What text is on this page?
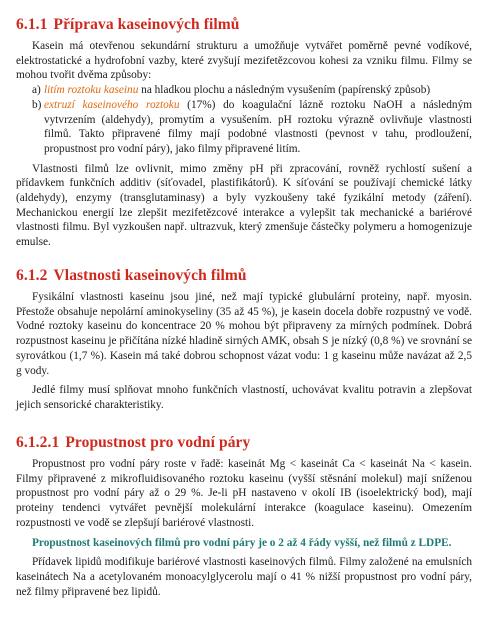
6.1.1 Příprava kaseinových filmů

Kasein má otevřenou sekundární strukturu a umožňuje vytvářet poměrně pevné vodíkové, elektrostatické a hydrofobní vazby, které zvyšují mezifetězcovou kohesi za vzniku filmu. Filmy se mohou tvořit dvěma způsoby:

a) litím roztoku kaseinu na hladkou plochu a následným vysušením (papírenský způsob)
b) extruzí kaseinového roztoku (17%) do koagulační lázně roztoku NaOH a následným vytvrzením (aldehydy), promytím a vysušením. pH roztoku výrazně ovlivňuje vlastnosti filmů. Takto připravené filmy mají podobné vlastnosti (pevnost v tahu, prodloužení, propustnost pro vodní páry), jako filmy připravené litím.

Vlastnosti filmů lze ovlivnit, mimo změny pH při zpracování, rovněž rychlostí sušení a přídavkem funkčních additiv (síťovadel, plastifikátorů). K síťování se používají chemické látky (aldehydy), enzymy (transglutaminasy) a byly vyzkoušeny také fyzikální metody (záření). Mechanickou energií lze zlepšit mezifetězcové interakce a vylepšit tak mechanické a bariérové vlastnosti filmu. Byl vyzkoušen např. ultrazvuk, který zmenšuje částečky polymeru a homogenizuje emulse.

6.1.2 Vlastnosti kaseinových filmů

Fysikální vlastnosti kaseinu jsou jiné, než mají typické glubulární proteiny, např. myosin. Přestože obsahuje nepolární aminokyseliny (35 až 45 %), je kasein docela dobře rozpustný ve vodě. Vodné roztoky kaseinu do koncentrace 20 % mohou být připraveny za mírných podmínek. Dobrá rozpustnost kaseinu je přičítána nízké hladině sirných AMK, obsah S je nízký (0,8 %) ve srovnání se syrovátkou (1,7 %). Kasein má také dobrou schopnost vázat vodu: 1 g kaseinu může navázat až 2,5 g vody.

Jedlé filmy musí splňovat mnoho funkčních vlastností, uchovávat kvalitu potravin a zlepšovat jejich sensorické charakteristiky.

6.1.2.1 Propustnost pro vodní páry

Propustnost pro vodní páry roste v řadě: kaseinát Mg < kaseinát Ca < kaseinát Na < kasein. Filmy připravené z mikrofluidisovaného roztoku kaseinu (vyšší stěsnání molekul) mají sníženou propustnost pro vodní páry až o 29 %. Je-li pH nastaveno v okolí IB (isoelektrický bod), mají proteiny tendenci vytvářet pevnější molekulární interakce (koagulace kaseinu). Omezením rozpustnosti ve vodě se zlepšují bariérové vlastnosti.

Propustnost kaseinových filmů pro vodní páry je o 2 až 4 řády vyšší, než filmů z LDPE.

Přídavek lipidů modifikuje bariérové vlastnosti kaseinových filmů. Filmy založené na emulsních kaseinátech Na a acetylovaném monoacylglycerolu mají o 41 % nižší propustnost pro vodní páry, než filmy připravené bez lipidů.
